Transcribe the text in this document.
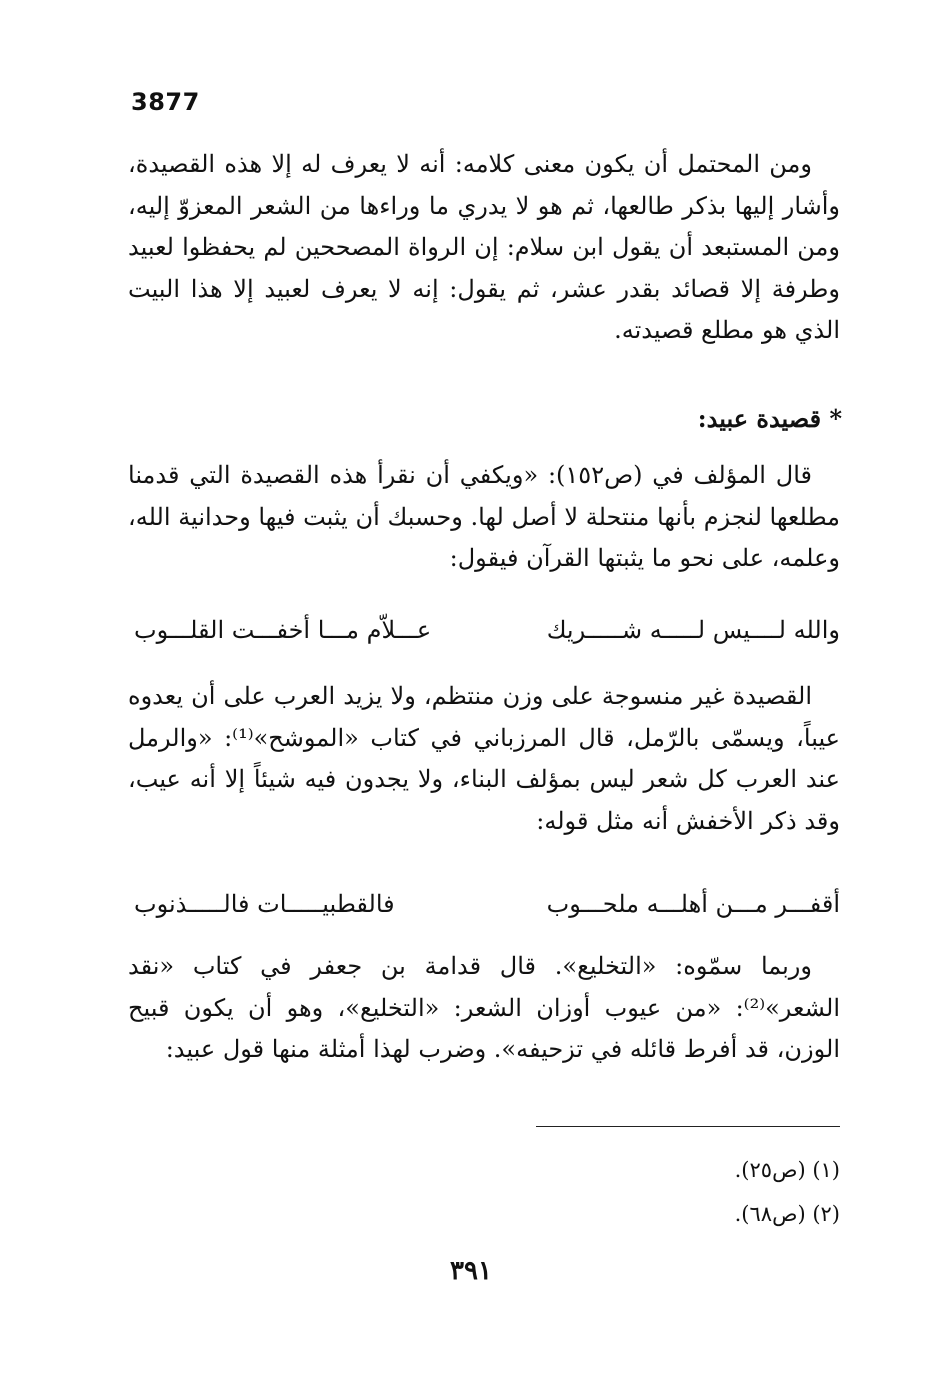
3877

ومن المحتمل أن يكون معنى كلامه: أنه لا يعرف له إلا هذه القصيدة، وأشار إليها بذكر طالعها، ثم هو لا يدري ما وراءها من الشعر المعزوّ إليه، ومن المستبعد أن يقول ابن سلام: إن الرواة المصححين لم يحفظوا لعبيد وطرفة إلا قصائد بقدر عشر، ثم يقول: إنه لا يعرف لعبيد إلا هذا البيت الذي هو مطلع قصيدته.

* قصيدة عبيد:

قال المؤلف في (ص١٥٢): «ويكفي أن نقرأ هذه القصيدة التي قدمنا مطلعها لنجزم بأنها منتحلة لا أصل لها. وحسبك أن يثبت فيها وحدانية الله، وعلمه، على نحو ما يثبتها القرآن فيقول:

والله لــــيس لـــــه شـــــريك
عـــلاّم مـــا أخفـــت القلـــوب

القصيدة غير منسوجة على وزن منتظم، ولا يزيد العرب على أن يعدوه عيباً، ويسمّى بالرّمل، قال المرزباني في كتاب «الموشح»⁽¹⁾: «والرمل عند العرب كل شعر ليس بمؤلف البناء، ولا يجدون فيه شيئاً إلا أنه عيب، وقد ذكر الأخفش أنه مثل قوله:

أقفـــر مـــن أهلـــه ملحـــوب
فالقطبيـــــات فالـــــذنوب

وربما سمّوه: «التخليع». قال قدامة بن جعفر في كتاب «نقد الشعر»⁽²⁾: «من عيوب أوزان الشعر: «التخليع»، وهو أن يكون قبيح الوزن، قد أفرط قائله في تزحيفه». وضرب لهذا أمثلة منها قول عبيد:

(١) (ص٢٥).
(٢) (ص٦٨).
٣٩١
